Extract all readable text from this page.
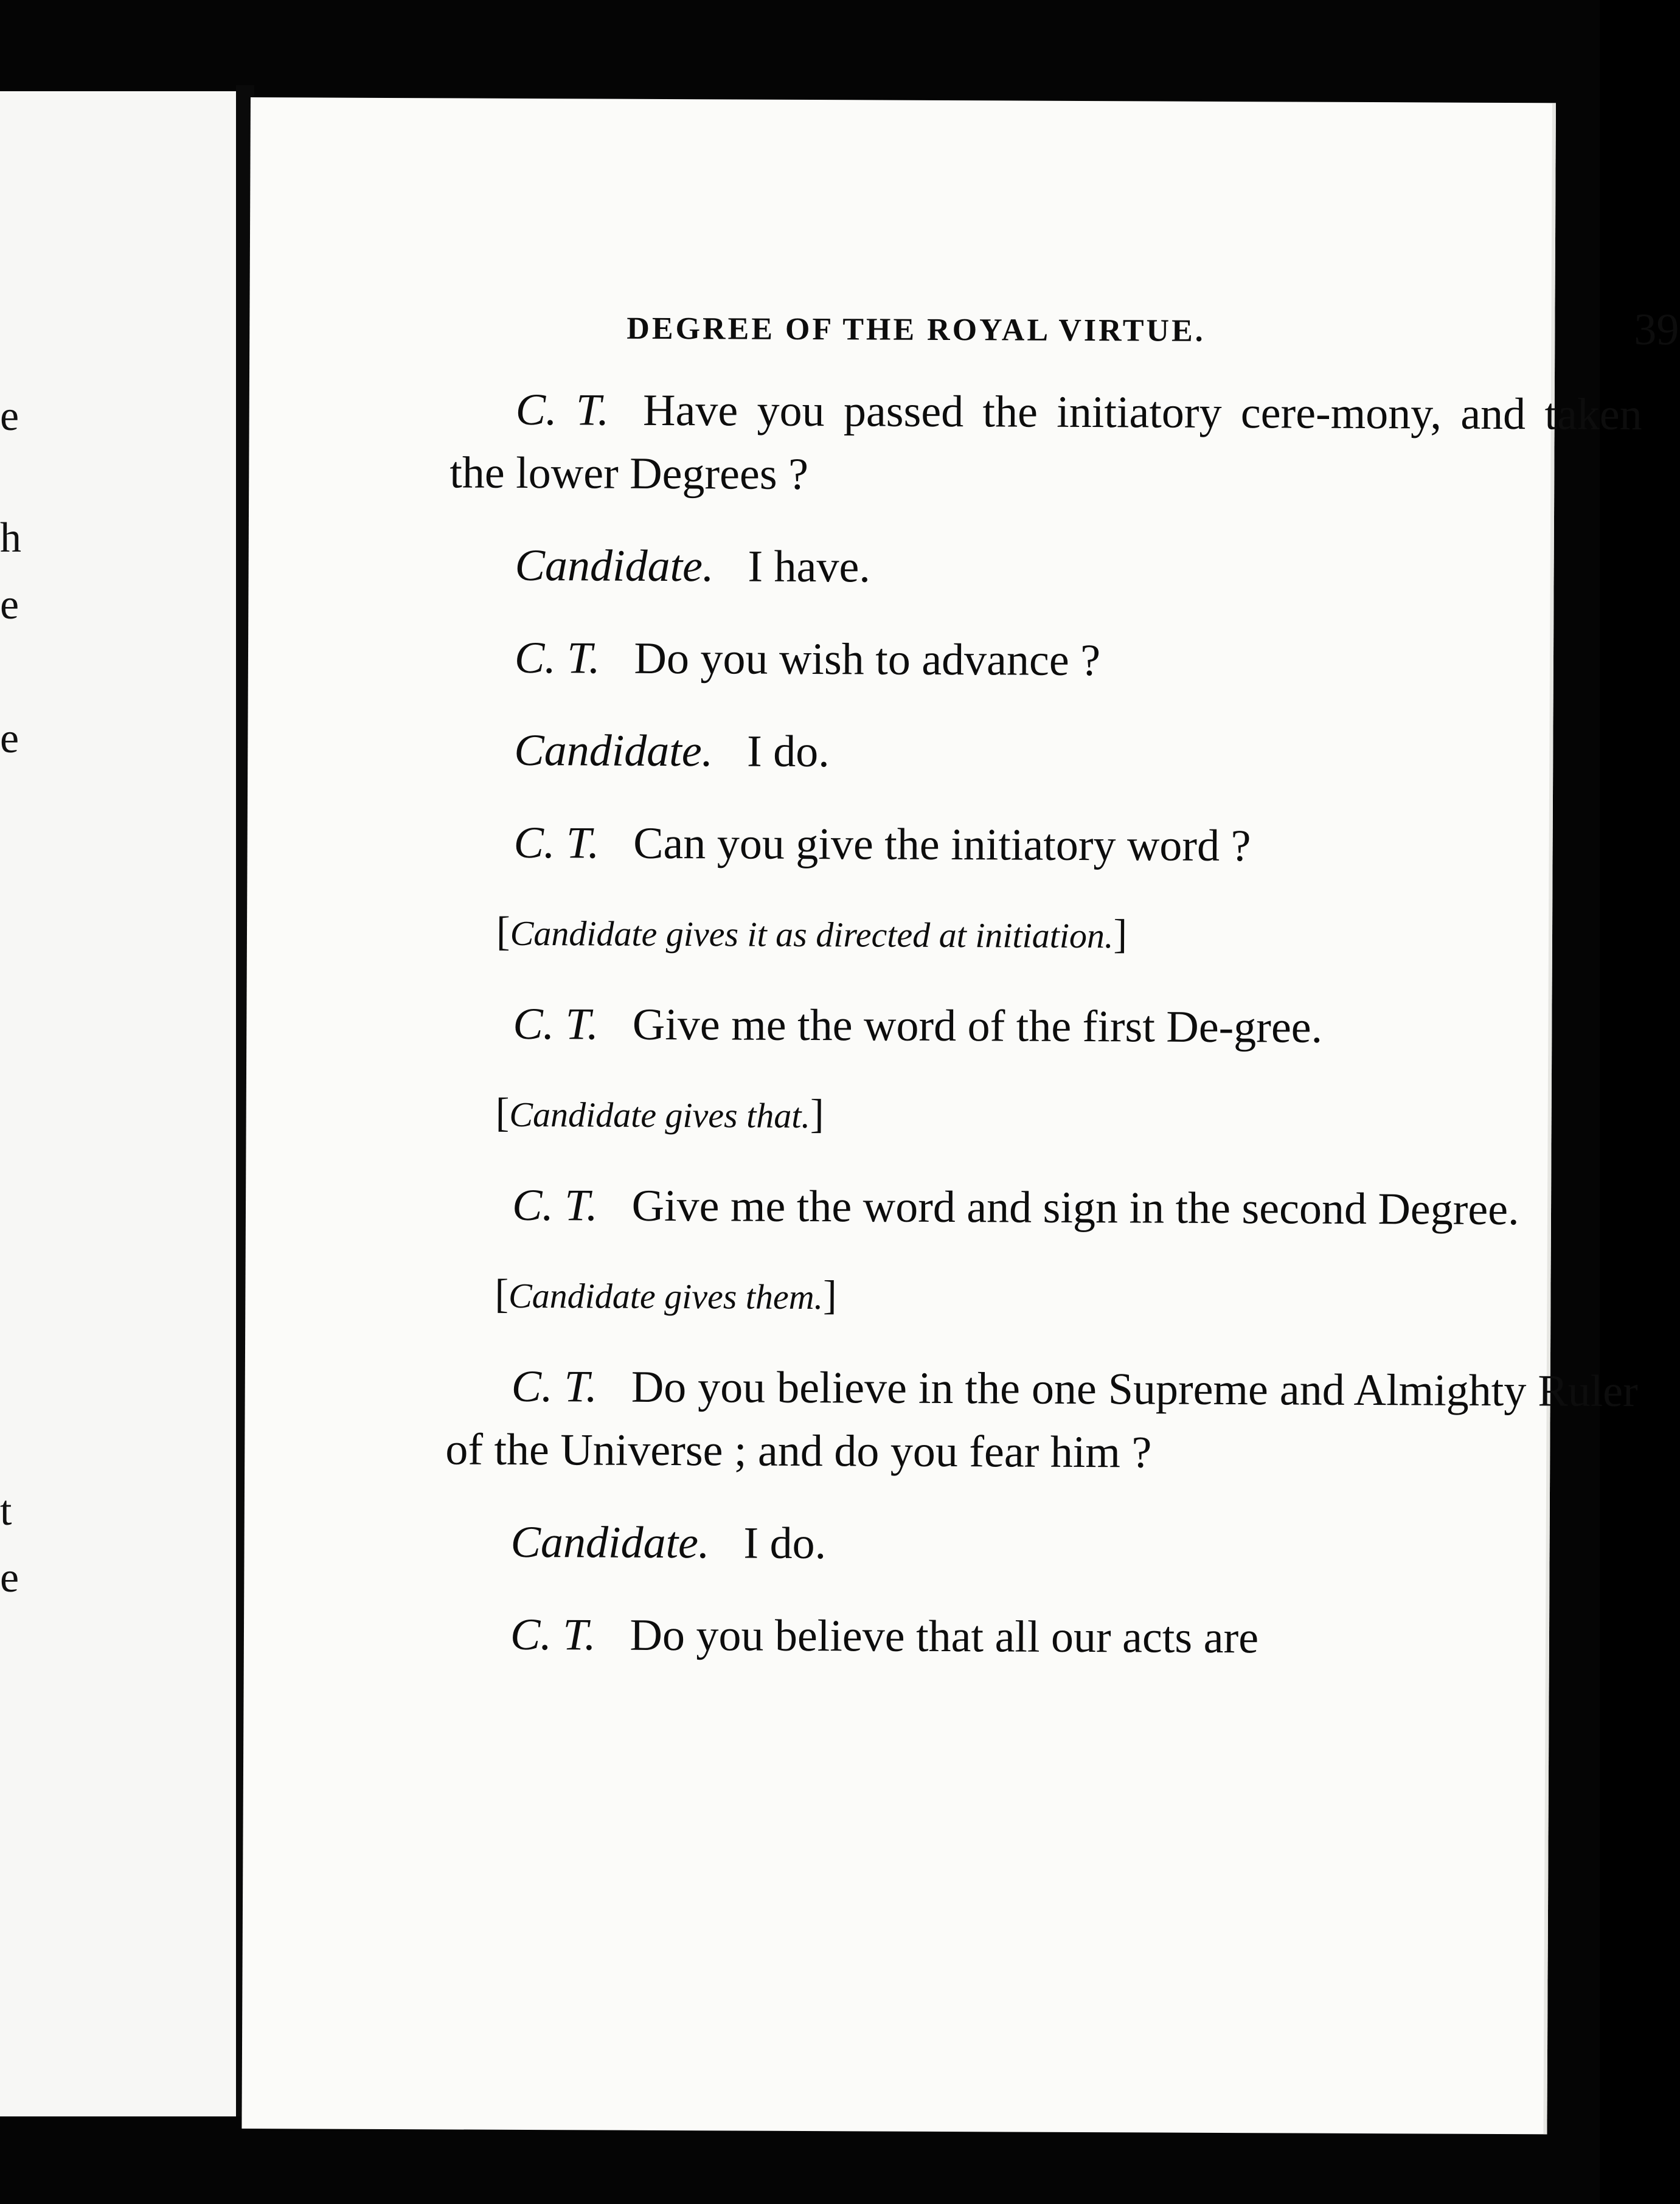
e
h
e
e
t
e
DEGREE OF THE ROYAL VIRTUE.	39

C. T. Have you passed the initiatory cere-mony, and taken the lower Degrees ?

Candidate. I have.

C. T. Do you wish to advance ?

Candidate. I do.

C. T. Can you give the initiatory word ?

[Candidate gives it as directed at initiation.]

C. T. Give me the word of the first De-gree.

[Candidate gives that.]

C. T. Give me the word and sign in the second Degree.

[Candidate gives them.]

C. T. Do you believe in the one Supreme and Almighty Ruler of the Universe ; and do you fear him ?

Candidate. I do.

C. T. Do you believe that all our acts are
